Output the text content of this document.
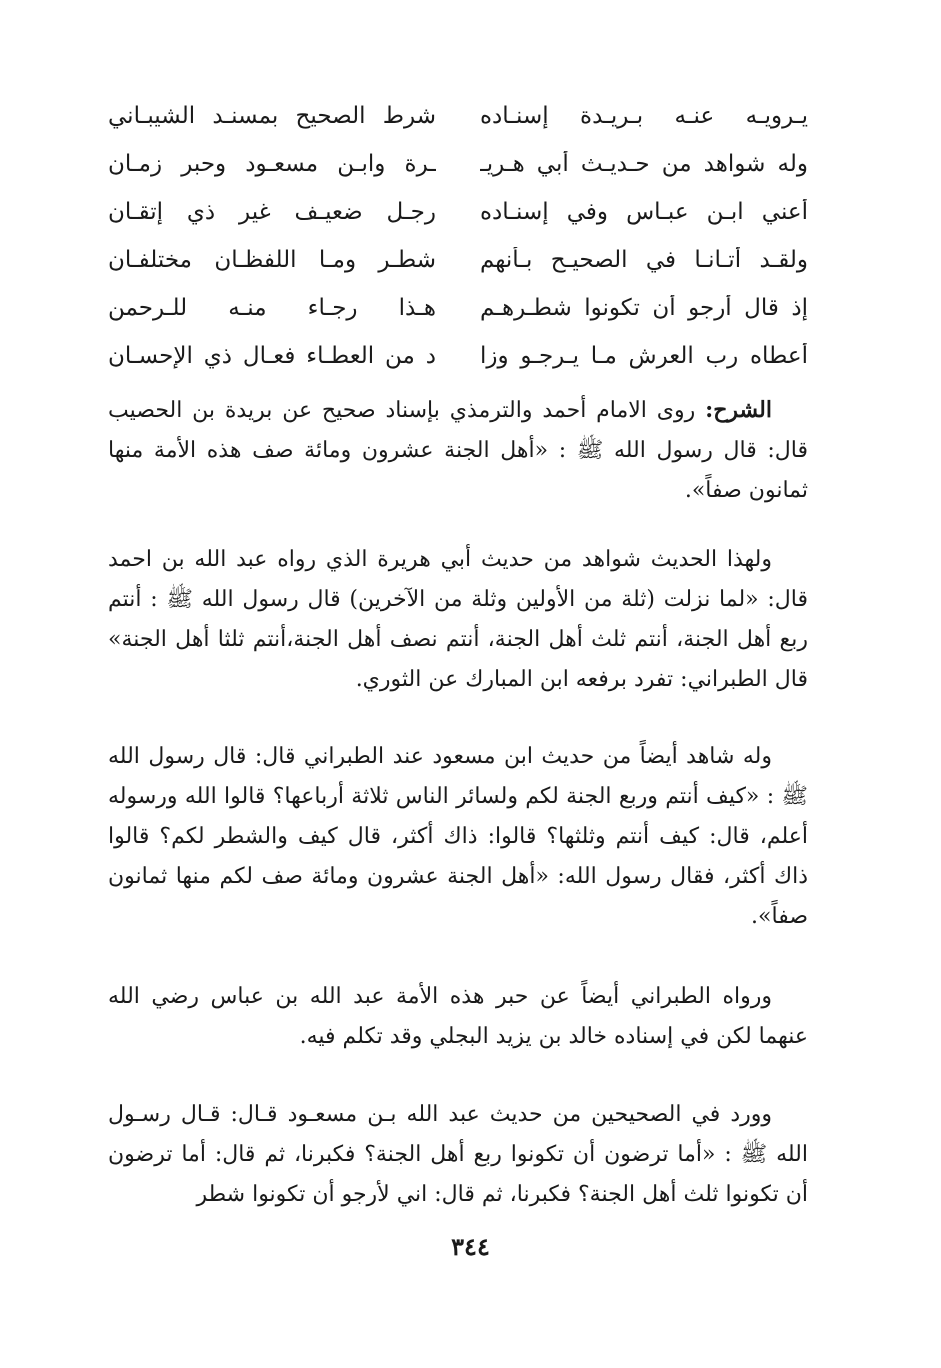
يـرويـه عنـه بـريـدة إسنـاده
شرط الصحيح بمسنـد الشيبـاني
وله شواهد من حـديـث أبي هـريـ
ـرة وابـن مسعـود وحبر زمـان
أعني ابـن عبـاس وفي إسنـاده
رجـل ضعيـف غير ذي إتقـان
ولقـد أتـانـا في الصحيـح بـأنهم
شطـر ومـا اللفظـان مختلفـان
إذ قال أرجو أن تكونوا شطـرهـم
هـذا رجـاء منـه للـرحمن
أعطاه رب العرش مـا يـرجـو وزا
د من العطـاء فعـال ذي الإحسـان

الشرح: روى الامام أحمد والترمذي بإسناد صحيح عن بريدة بن الحصيب قال: قال رسول الله ﷺ : «أهل الجنة عشرون ومائة صف هذه الأمة منها ثمانون صفاً».

ولهذا الحديث شواهد من حديث أبي هريرة الذي رواه عبد الله بن احمد قال: «لما نزلت (ثلة من الأولين وثلة من الآخرين) قال رسول الله ﷺ : أنتم ربع أهل الجنة، أنتم ثلث أهل الجنة، أنتم نصف أهل الجنة،أنتم ثلثا أهل الجنة» قال الطبراني: تفرد برفعه ابن المبارك عن الثوري.

وله شاهد أيضاً من حديث ابن مسعود عند الطبراني قال: قال رسول الله ﷺ : «كيف أنتم وربع الجنة لكم ولسائر الناس ثلاثة أرباعها؟ قالوا الله ورسوله أعلم، قال: كيف أنتم وثلثها؟ قالوا: ذاك أكثر، قال كيف والشطر لكم؟ قالوا ذاك أكثر، فقال رسول الله: «أهل الجنة عشرون ومائة صف لكم منها ثمانون صفاً».

ورواه الطبراني أيضاً عن حبر هذه الأمة عبد الله بن عباس رضي الله عنهما لكن في إسناده خالد بن يزيد البجلي وقد تكلم فيه.

وورد في الصحيحين من حديث عبد الله بـن مسعـود قـال: قـال رسـول الله ﷺ : «أما ترضون أن تكونوا ربع أهل الجنة؟ فكبرنا، ثم قال: أما ترضون أن تكونوا ثلث أهل الجنة؟ فكبرنا، ثم قال: اني لأرجو أن تكونوا شطر

٣٤٤
